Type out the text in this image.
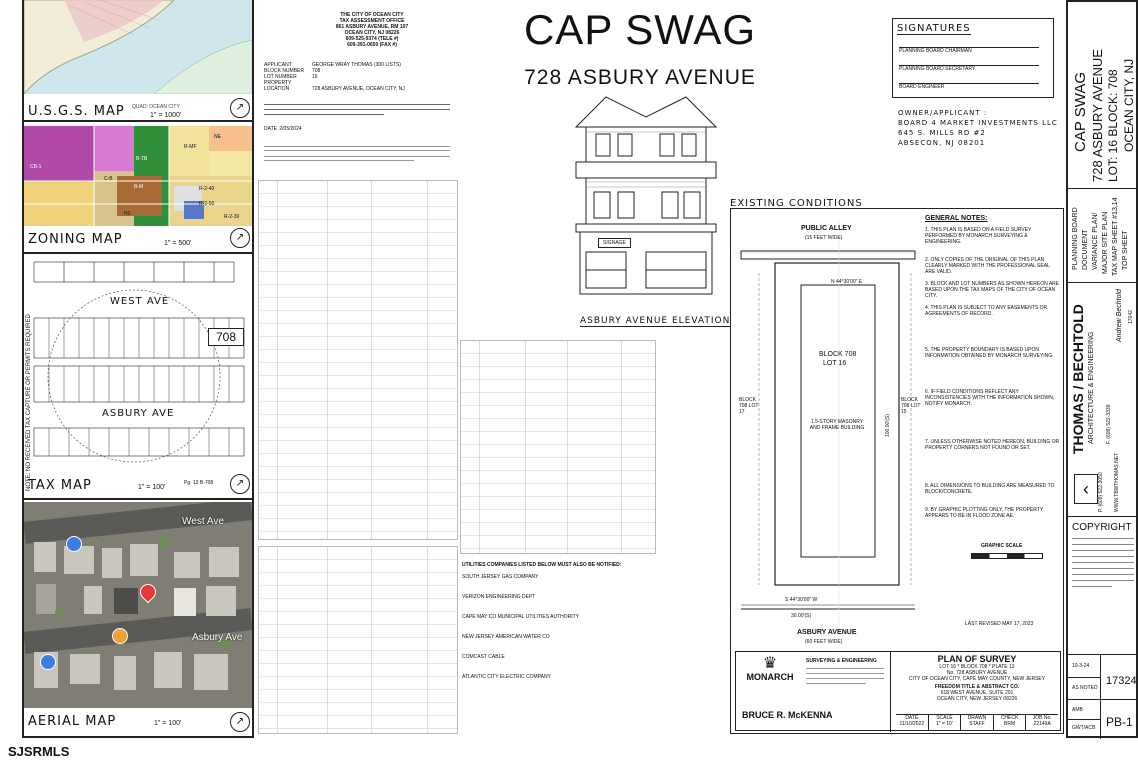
U.S.G.S. MAP QUAD: OCEAN CITY
1" = 1000'
↗
CB-1
R-MF
B-TB
C-B
R-2-40
R-2-50
B-M
H2
NE
R-2-30
ZONING MAP	1" = 500'
↗
NOTE: NO RECEIVED TAX CAPTURE OR PERMITS REQUIRED
WEST AVE
ASBURY AVE
708
TAX MAP	1" = 100'
Pg. 13 B-708	↗
West Ave
Asbury Ave
AERIAL MAP	1" = 100'	↗
THE CITY OF OCEAN CITY
TAX ASSESSMENT OFFICE
861 ASBURY AVENUE, RM 107
OCEAN CITY, NJ 08226
609-525-9374 (TELE #)
609-391-0650 (FAX #)
APPLICANT	GEORGE WRAY THOMAS (300 LISTS)
BLOCK NUMBER 708
LOT NUMBER	16
PROPERTY LOCATION	728 ASBURY AVENUE, OCEAN CITY, NJ
DATE 2/05/2024
UTILITIES COMPANIES LISTED BELOW MUST ALSO BE NOTIFIED:
SOUTH JERSEY GAS COMPANY
VERIZON ENGINEERING DEPT
CAPE MAY CO MUNICIPAL UTILITIES AUTHORITY
NEW JERSEY AMERICAN WATER CO
COMCAST CABLE
ATLANTIC CITY ELECTRIC COMPANY
CAP SWAG
728 ASBURY AVENUE
SIGNAGE
ASBURY AVENUE ELEVATION
SIGNATURES
PLANNING BOARD CHAIRMAN
PLANNING BOARD SECRETARY
BOARD ENGINEER
OWNER/APPLICANT :
BOARD 4 MARKET INVESTMENTS LLC
645 S. MILLS RD #2
ABSECON, NJ 08201
EXISTING CONDITIONS
PUBLIC ALLEY
(15 FEET WIDE)
N 44°30'00" E
BLOCK 708
LOT 16
1.5-STORY MASONRY AND FRAME BUILDING	100.00'(S)
BLOCK 708 LOT 17
BLOCK 708 LOT 15
S 44°30'00" W
30.00'(S)
ASBURY AVENUE
(60 FEET WIDE)
GENERAL NOTES:
1. THIS PLAN IS BASED ON A FIELD SURVEY PERFORMED BY MONARCH SURVEYING & ENGINEERING.
2. ONLY COPIES OF THE ORIGINAL OF THIS PLAN CLEARLY MARKED WITH THE PROFESSIONAL SEAL ARE VALID.
3. BLOCK AND LOT NUMBERS AS SHOWN HEREON ARE BASED UPON THE TAX MAPS OF THE CITY OF OCEAN CITY.
4. THIS PLAN IS SUBJECT TO ANY EASEMENTS OR AGREEMENTS OF RECORD.
5. THE PROPERTY BOUNDARY IS BASED UPON INFORMATION OBTAINED BY MONARCH SURVEYING.
6. IF FIELD CONDITIONS REFLECT ANY INCONSISTENCIES WITH THE INFORMATION SHOWN, NOTIFY MONARCH.
7. UNLESS OTHERWISE NOTED HEREON, BUILDING OR PROPERTY CORNERS NOT FOUND OR SET.
8. ALL DIMENSIONS TO BUILDING ARE MEASURED TO BLOCK/CONCRETE.
9. BY GRAPHIC PLOTTING ONLY, THE PROPERTY APPEARS TO BE IN FLOOD ZONE AE.
GRAPHIC SCALE
LAST REVISED MAY 17, 2023
♛
MONARCH
SURVEYING & ENGINEERING
BRUCE R. McKENNA
PLAN OF SURVEY
LOT 16 * BLOCK 708 * PLATE 13
No. 728 ASBURY AVENUE
CITY OF OCEAN CITY, CAPE MAY COUNTY, NEW JERSEY
FREEDOM TITLE & ABSTRACT CO.
618 WEST AVENUE, SUITE 201
OCEAN CITY, NEW JERSEY 08226
DATE
11/10/2022
SCALE
1" = 10'
DRAWN
STAFF
CHECK
BRM
JOB No.
22149A
CAP SWAG 728 ASBURY AVENUE LOT: 16 BLOCK: 708 OCEAN CITY, NJ
PLANNING BOARD DOCUMENT VARIANCE PLAN/ MAJOR SITE PLAN TAX MAP SHEET #13,14 TOP SHEET
THOMAS / BECHTOLD ARCHITECTURE & ENGINEERING
Andrew Bechtold 17642
P. (609) 522-3050
F. (609) 522-3339
WWW.TBWTHOMAS.NET
‹
COPYRIGHT
10-3-24
AS NOTED
AMB
GWT/ACB
17324
PB-1
SJSRMLS
